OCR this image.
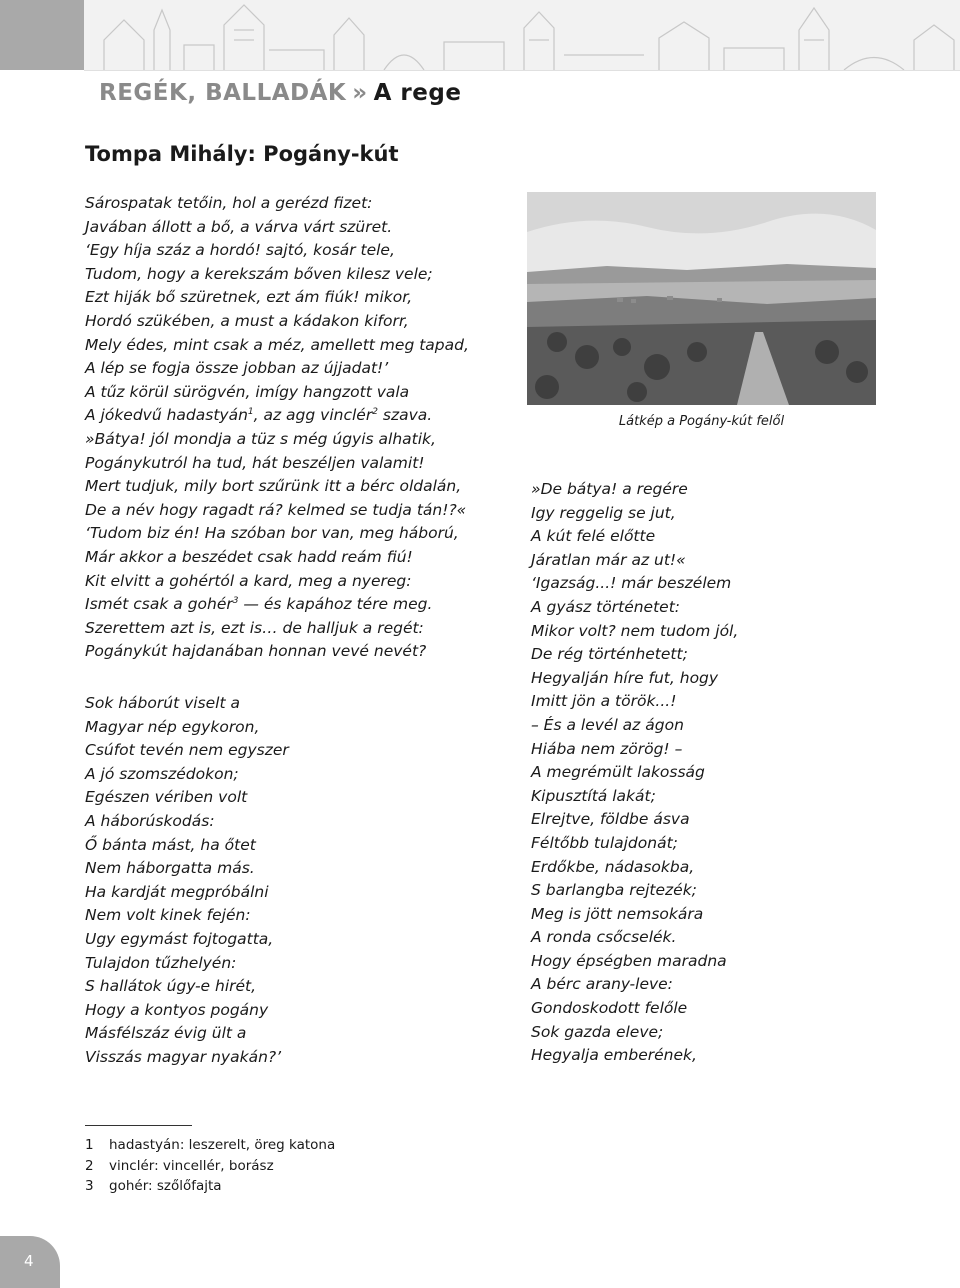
REGÉK, BALLADÁK » A rege
Tompa Mihály: Pogány-kút
Sárospatak tetőin, hol a gerézd fizet:
Javában állott a bő, a várva várt szüret.
‘Egy híja száz a hordó! sajtó, kosár tele,
Tudom, hogy a kerekszám bőven kilesz vele;
Ezt hiják bő szüretnek, ezt ám fiúk! mikor,
Hordó szükében, a must a kádakon kiforr,
Mely édes, mint csak a méz, amellett meg tapad,
A lép se fogja össze jobban az újjadat!’
A tűz körül sürögvén, imígy hangzott vala
A jókedvű hadastyán$^1$, az agg vinclér$^2$ szava.
»Bátya! jól mondja a tüz s még úgyis alhatik,
Pogánykutról ha tud, hát beszéljen valamit!
Mert tudjuk, mily bort szűrünk itt a bérc oldalán,
De a név hogy ragadt rá? kelmed se tudja tán!?«
‘Tudom biz én! Ha szóban bor van, meg háború,
Már akkor a beszédet csak hadd reám fiú!
Kit elvitt a gohértól a kard, meg a nyereg:
Ismét csak a gohér$^3$ — és kapához tére meg.
Szerettem azt is, ezt is… de halljuk a regét:
Pogánykút hajdanában honnan vevé nevét?
Sok háborút viselt a
Magyar nép egykoron,
Csúfot tevén nem egyszer
A jó szomszédokon;
Egészen vériben volt
A háborúskodás:
Ő bánta mást, ha őtet
Nem háborgatta más.
Ha kardját megpróbálni
Nem volt kinek fején:
Ugy egymást fojtogatta,
Tulajdon tűzhelyén:
S hallátok úgy-e hirét,
Hogy a kontyos pogány
Másfélszáz évig ült a
Visszás magyar nyakán?’
Látkép a Pogány-kút felől
»De bátya! a regére
Igy reggelig se jut,
A kút felé előtte
Járatlan már az ut!«
‘Igazság...! már beszélem
A gyász történetet:
Mikor volt? nem tudom jól,
De rég történhetett;
Hegyalján híre fut, hogy
Imitt jön a török...!
– És a levél az ágon
Hiába nem zörög! –
A megrémült lakosság
Kipusztítá lakát;
Elrejtve, földbe ásva
Féltőbb tulajdonát;
Erdőkbe, nádasokba,
S barlangba rejtezék;
Meg is jött nemsokára
A ronda csőcselék.
Hogy épségben maradna
A bérc arany-leve:
Gondoskodott felőle
Sok gazda eleve;
Hegyalja emberének,
1 hadastyán: leszerelt, öreg katona
2 vinclér: vincellér, borász
3 gohér: szőlőfajta
4
